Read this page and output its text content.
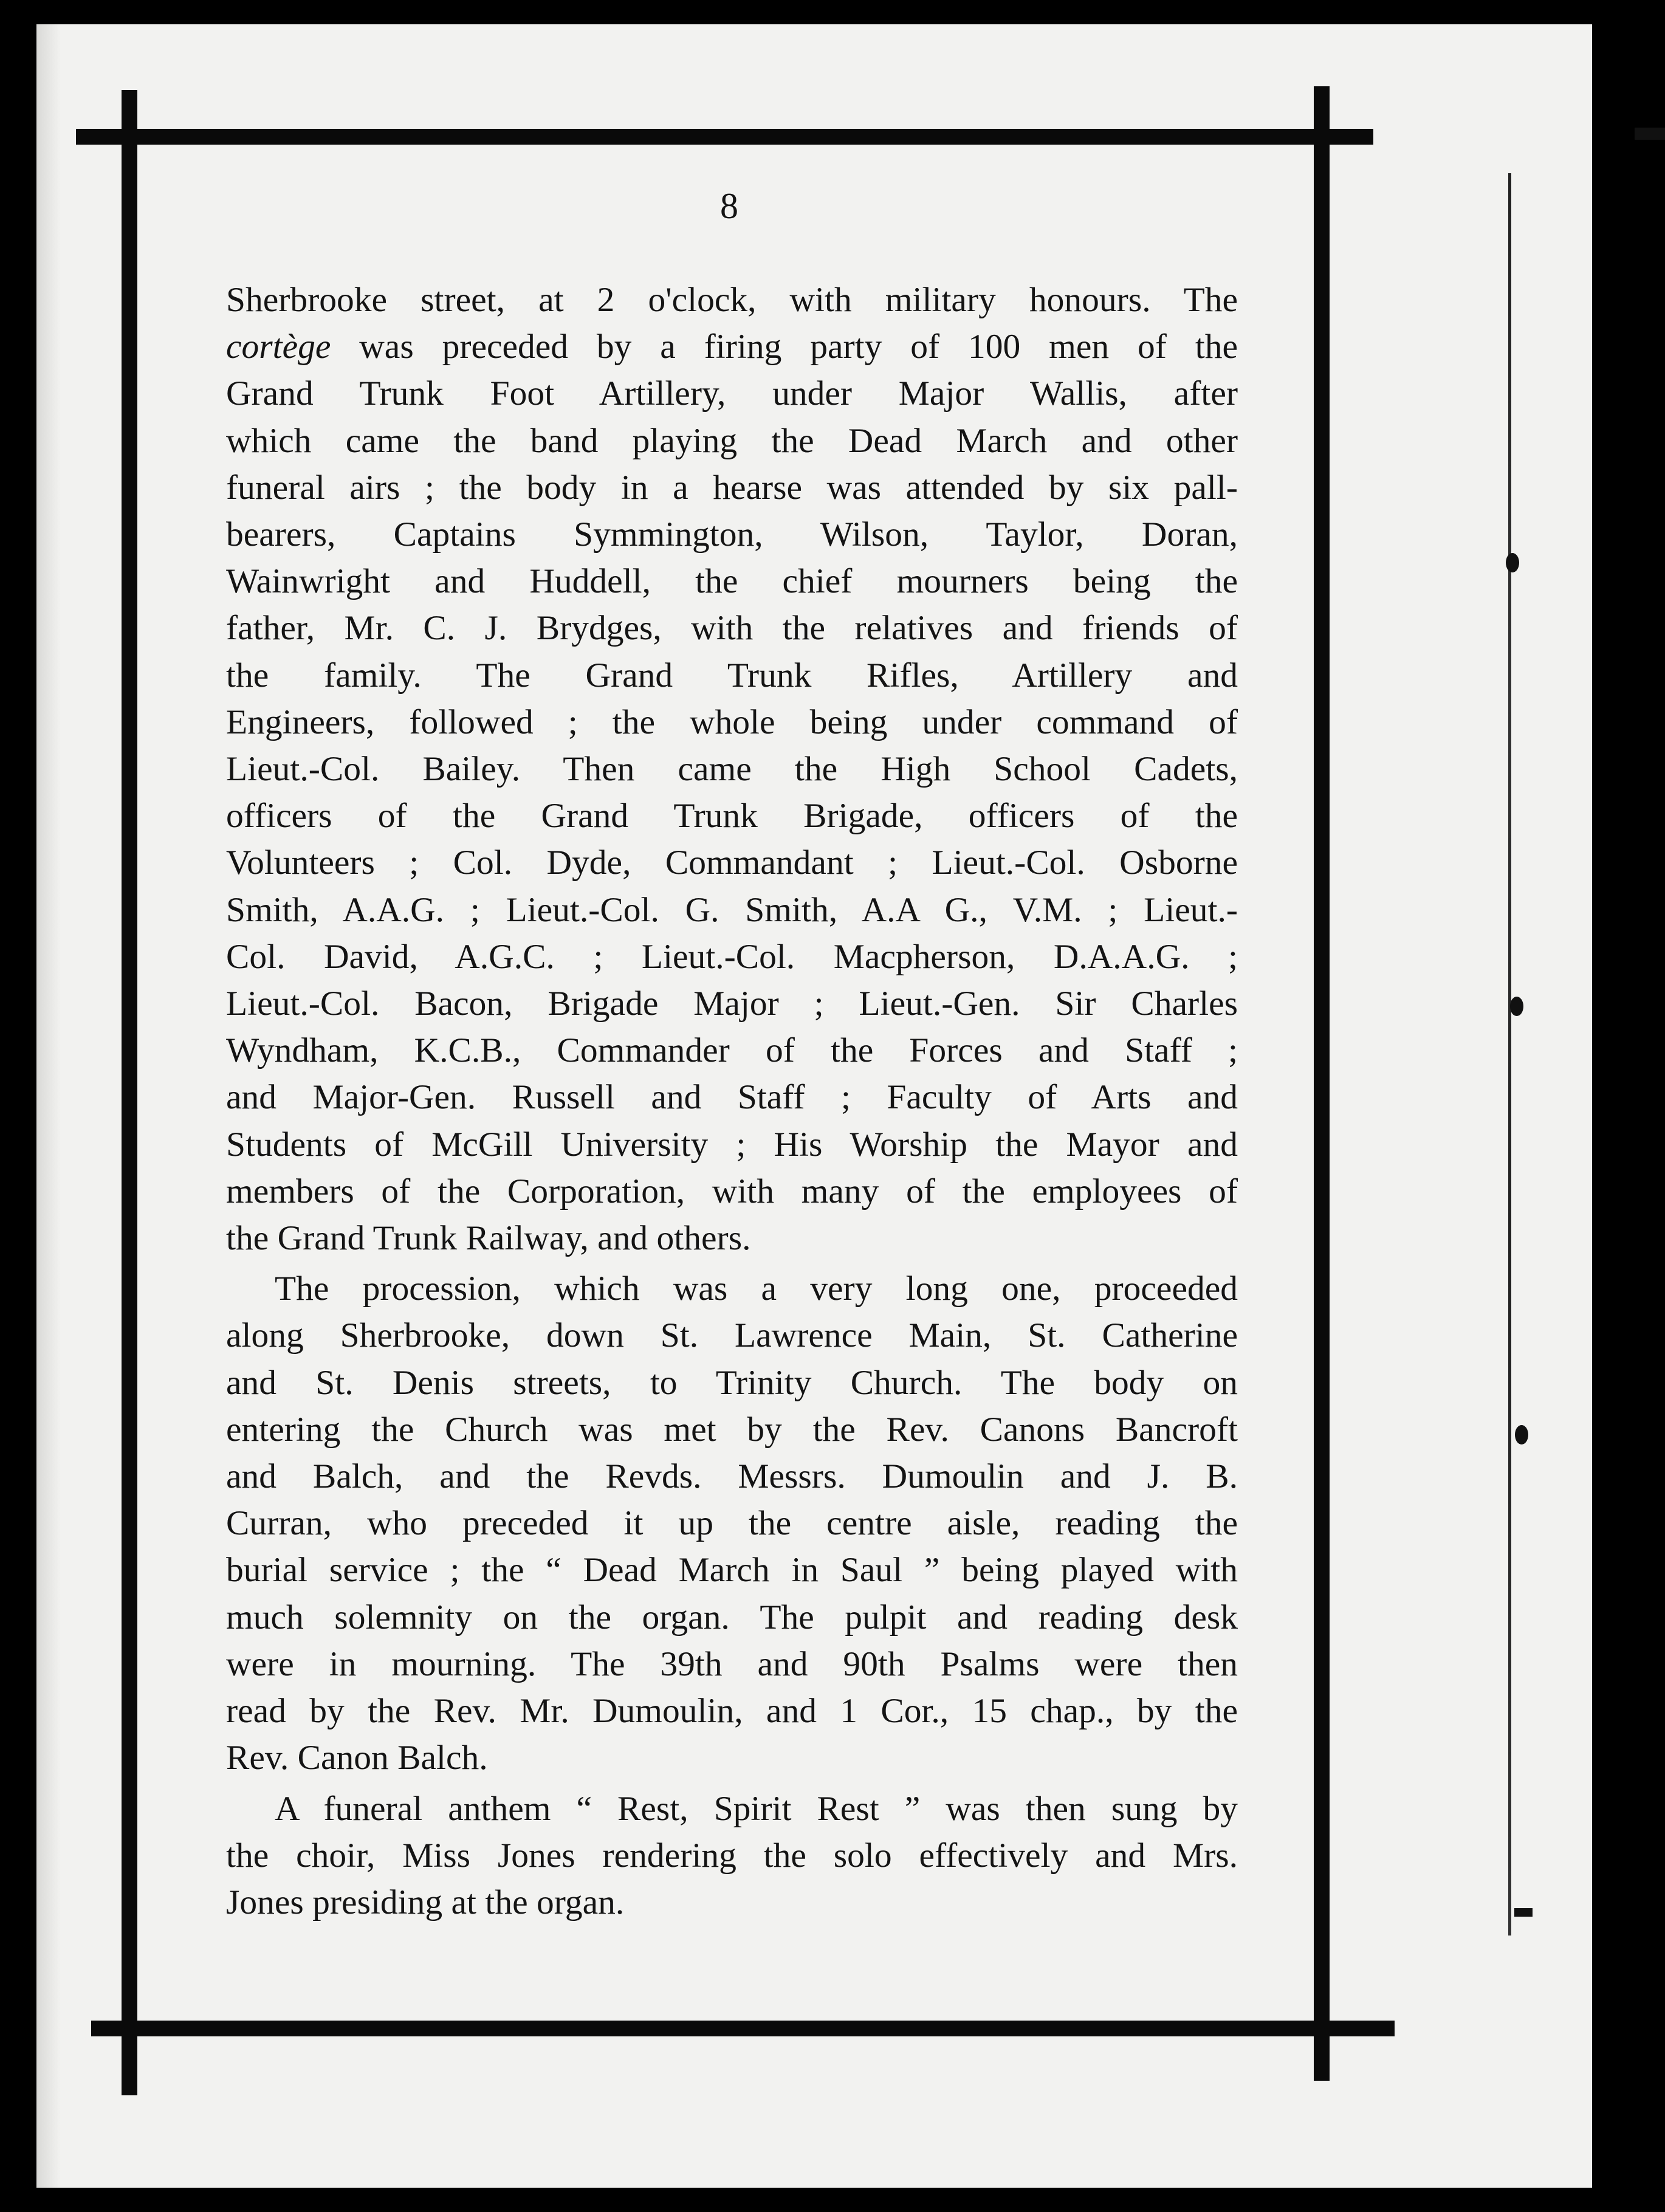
8
Sherbrooke street, at 2 o'clock, with military honours. The
cortège was preceded by a firing party of 100 men of the
Grand Trunk Foot Artillery, under Major Wallis, after
which came the band playing the Dead March and other
funeral airs ; the body in a hearse was attended by six pall-
bearers, Captains Symmington, Wilson, Taylor, Doran,
Wainwright and Huddell, the chief mourners being the
father, Mr. C. J. Brydges, with the relatives and friends of
the family. The Grand Trunk Rifles, Artillery and
Engineers, followed ; the whole being under command of
Lieut.-Col. Bailey. Then came the High School Cadets,
officers of the Grand Trunk Brigade, officers of the
Volunteers ; Col. Dyde, Commandant ; Lieut.-Col. Osborne
Smith, A.A.G. ; Lieut.-Col. G. Smith, A.A G., V.M. ; Lieut.-
Col. David, A.G.C. ; Lieut.-Col. Macpherson, D.A.A.G. ;
Lieut.-Col. Bacon, Brigade Major ; Lieut.-Gen. Sir Charles
Wyndham, K.C.B., Commander of the Forces and Staff ;
and Major-Gen. Russell and Staff ; Faculty of Arts and
Students of McGill University ; His Worship the Mayor and
members of the Corporation, with many of the employees of
the Grand Trunk Railway, and others.
The procession, which was a very long one, proceeded
along Sherbrooke, down St. Lawrence Main, St. Catherine
and St. Denis streets, to Trinity Church. The body on
entering the Church was met by the Rev. Canons Bancroft
and Balch, and the Revds. Messrs. Dumoulin and J. B.
Curran, who preceded it up the centre aisle, reading the
burial service ; the “ Dead March in Saul ” being played with
much solemnity on the organ. The pulpit and reading desk
were in mourning. The 39th and 90th Psalms were then
read by the Rev. Mr. Dumoulin, and 1 Cor., 15 chap., by the
Rev. Canon Balch.
A funeral anthem “ Rest, Spirit Rest ” was then sung by
the choir, Miss Jones rendering the solo effectively and Mrs.
Jones presiding at the organ.
